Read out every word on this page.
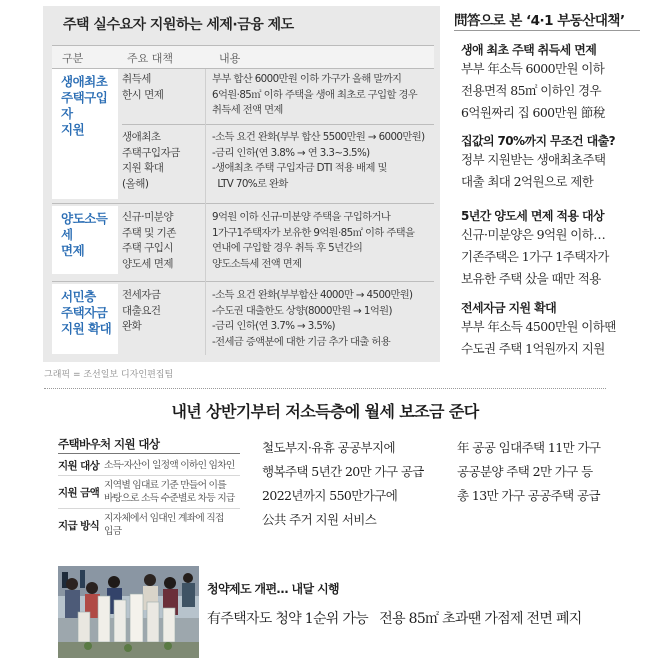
주택 실수요자 지원하는 세제·금융 제도
구분	주요 대책	내용
생애최초
주택구입자
지원
취득세
한시 면제
부부 합산 6000만원 이하 가구가 올해 말까지
6억원·85㎡ 이하 주택을 생애 최초로 구입할 경우
취득세 전액 면제
생애최초
주택구입자금
지원 확대
(올해)
-소득 요건 완화(부부 합산 5500만원 → 6000만원)
-금리 인하(연 3.8% → 연 3.3~3.5%)
-생애최초 주택 구입자금 DTI 적용 배제 및
LTV 70%로 완화
양도소득세
면제
신규·미분양
주택 및 기존
주택 구입시
양도세 면제
9억원 이하 신규·미분양 주택을 구입하거나
1가구1주택자가 보유한 9억원·85㎡ 이하 주택을
연내에 구입할 경우 취득 후 5년간의
양도소득세 전액 면제
서민층
주택자금
지원 확대
전세자금
대출요건
완화
-소득 요건 완화(부부합산 4000만 → 4500만원)
-수도권 대출한도 상향(8000만원 → 1억원)
-금리 인하(연 3.7% → 3.5%)
-전세금 증액분에 대한 기금 추가 대출 허용
그래픽 = 조선일보 디자인편집팀
問答으로 본 ‘4·1 부동산대책’
생애 최초 주택 취득세 면제
부부 年소득 6000만원 이하
전용면적 85㎡ 이하인 경우
6억원짜리 집 600만원 節稅
집값의 70%까지 무조건 대출?
정부 지원받는 생애최초주택
대출 최대 2억원으로 제한
5년간 양도세 면제 적용 대상
신규·미분양은 9억원 이하…
기존주택은 1가구 1주택자가
보유한 주택 샀을 때만 적용
전세자금 지원 확대
부부 年소득 4500만원 이하땐
수도권 주택 1억원까지 지원
내년 상반기부터 저소득층에 월세 보조금 준다
주택바우처 지원 대상
지원 대상 소득·자산이 일정액 이하인 임차인
지원 금액
지역별 임대료 기준 만들어 이를
바탕으로 소득 수준별로 차등 지급
지급 방식
지자체에서 임대인 계좌에 직접
입금
철도부지·유휴 공공부지에
행복주택 5년간 20만 가구 공급
2022년까지 550만가구에
公共 주거 지원 서비스
年 공공 임대주택 11만 가구
공공분양 주택 2만 가구 등
총 13만 가구 공공주택 공급
청약제도 개편… 내달 시행
有주택자도 청약 1순위 가능   전용 85㎡ 초과땐 가점제 전면 폐지
